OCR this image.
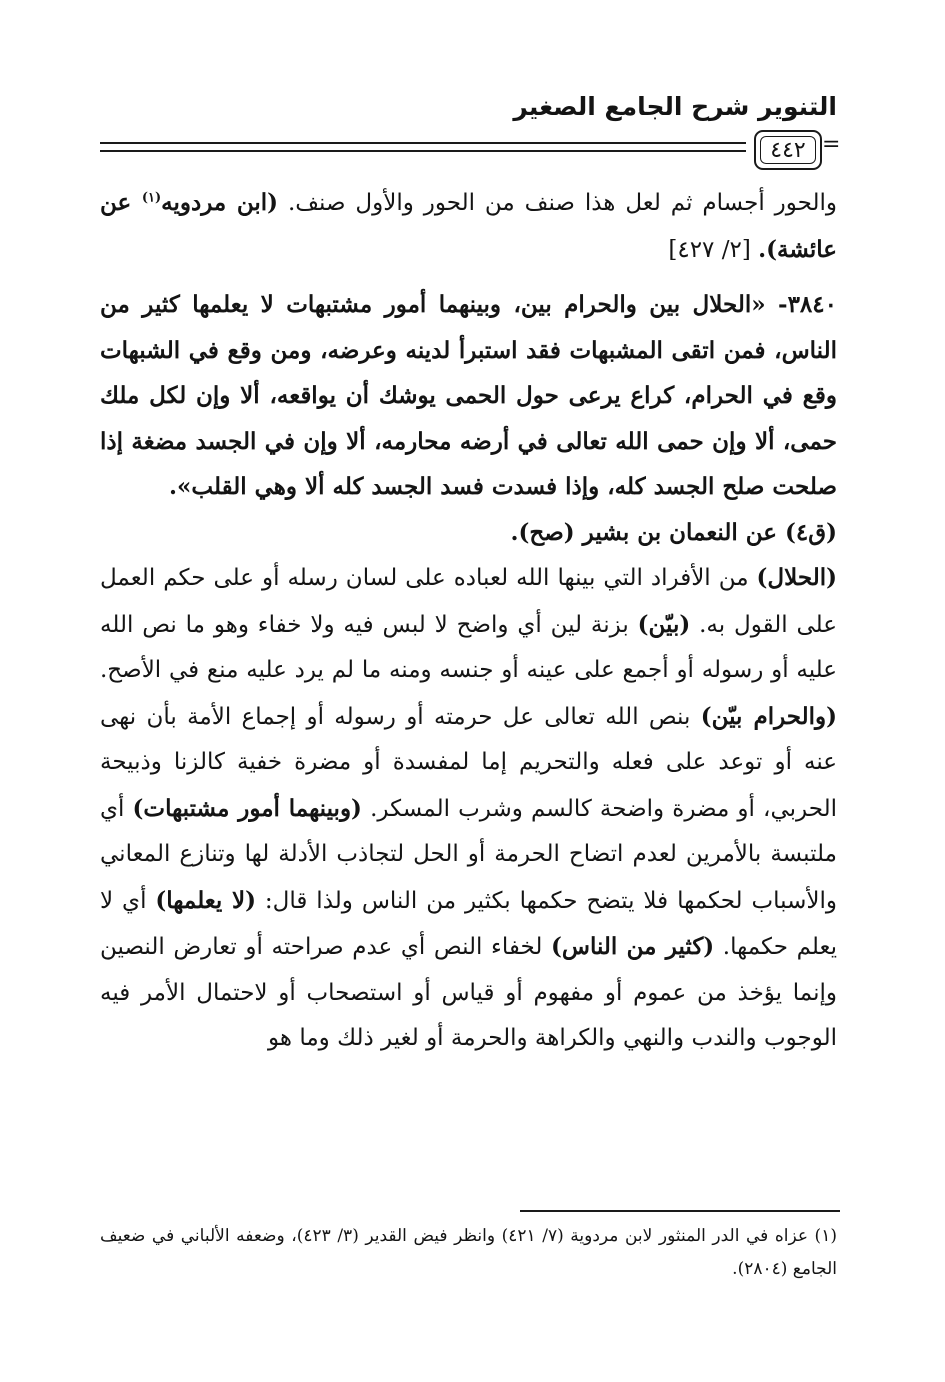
التنوير شرح الجامع الصغير
٤٤٢ =

والحور أجسام ثم لعل هذا صنف من الحور والأول صنف. (ابن مردويه$^{(١)}$ عن عائشة). [٢/ ٤٢٧]

٣٨٤٠- «الحلال بين والحرام بين، وبينهما أمور مشتبهات لا يعلمها كثير من الناس، فمن اتقى المشبهات فقد استبرأ لدينه وعرضه، ومن وقع في الشبهات وقع في الحرام، كراع يرعى حول الحمى يوشك أن يواقعه، ألا وإن لكل ملك حمى، ألا وإن حمى الله تعالى في أرضه محارمه، ألا وإن في الجسد مضغة إذا صلحت صلح الجسد كله، وإذا فسدت فسد الجسد كله ألا وهي القلب».

(ق٤) عن النعمان بن بشير (صح).

(الحلال) من الأفراد التي بينها الله لعباده على لسان رسله أو على حكم العمل على القول به. (بيّن) بزنة لين أي واضح لا لبس فيه ولا خفاء وهو ما نص الله عليه أو رسوله أو أجمع على عينه أو جنسه ومنه ما لم يرد عليه منع في الأصح. (والحرام بيّن) بنص الله تعالى عل حرمته أو رسوله أو إجماع الأمة بأن نهى عنه أو توعد على فعله والتحريم إما لمفسدة أو مضرة خفية كالزنا وذبيحة الحربي، أو مضرة واضحة كالسم وشرب المسكر. (وبينهما أمور مشتبهات) أي ملتبسة بالأمرين لعدم اتضاح الحرمة أو الحل لتجاذب الأدلة لها وتنازع المعاني والأسباب لحكمها فلا يتضح حكمها بكثير من الناس ولذا قال: (لا يعلمها) أي لا يعلم حكمها. (كثير من الناس) لخفاء النص أي عدم صراحته أو تعارض النصين وإنما يؤخذ من عموم أو مفهوم أو قياس أو استصحاب أو لاحتمال الأمر فيه الوجوب والندب والنهي والكراهة والحرمة أو لغير ذلك وما هو

(١) عزاه في الدر المنثور لابن مردوية (٧/ ٤٢١) وانظر فيض القدير (٣/ ٤٢٣)، وضعفه الألباني في ضعيف الجامع (٢٨٠٤).
